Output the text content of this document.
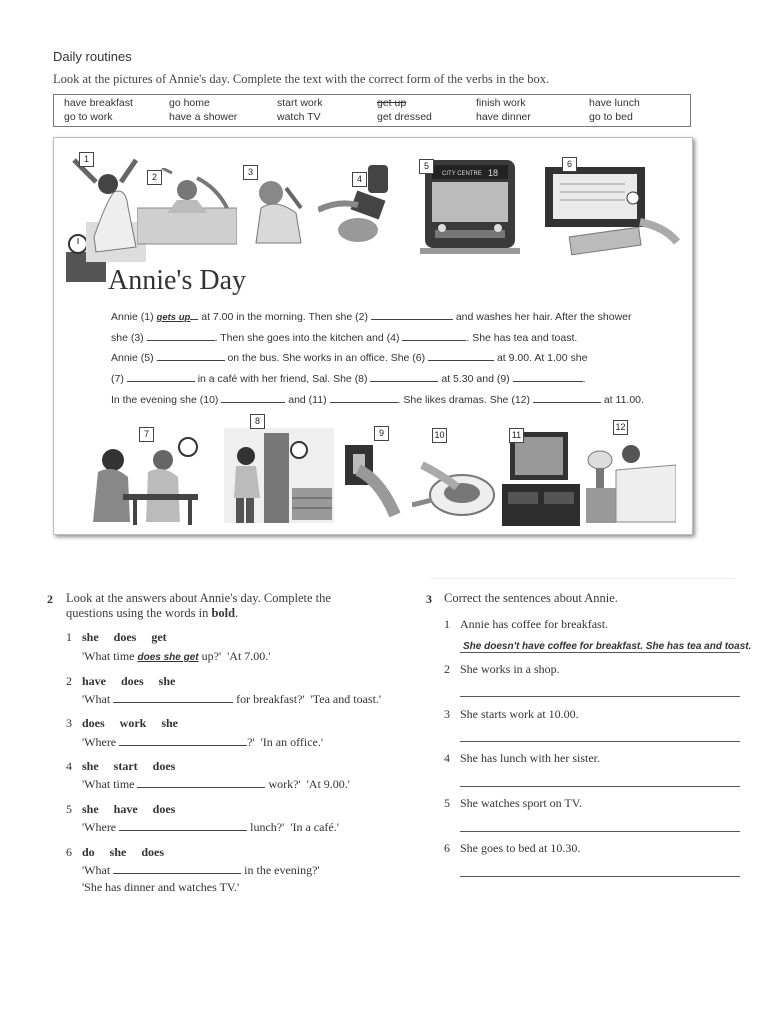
Daily routines
Look at the pictures of Annie's day. Complete the text with the correct form of the verbs in the box.
have breakfast	go home	start work	get up	finish work	have lunch
go to work	have a shower	watch TV	get dressed	have dinner	go to bed
1
2	3
4	CITY CENTRE 18
5	6
Annie's Day
Annie (1) gets up at 7.00 in the morning. Then she (2)	and washes her hair. After the shower
she (3)	. Then she goes into the kitchen and (4)	. She has tea and toast.
Annie (5)	on the bus. She works in an office. She (6)	at 9.00. At 1.00 she
(7)	in a café with her friend, Sal. She (8)	at 5.30 and (9)	.
In the evening she (10)	and (11)	. She likes dramas. She (12)	at 11.00.
7
8
9	10	11
12
2 Look at the answers about Annie's day. Complete the
questions using the words in bold.
1 she does get
'What time does she get up?' 'At 7.00.'
2 have does she
'What	for breakfast?' 'Tea and toast.'
3 does work she
'Where	?' 'In an office.'
4 she start does
'What time	work?' 'At 9.00.'
5 she have does
'Where	lunch?' 'In a café.'
6 do she does
'What	in the evening?'
'She has dinner and watches TV.'
3 Correct the sentences about Annie.
1 Annie has coffee for breakfast.
She doesn't have coffee for breakfast. She has tea and toast.
2 She works in a shop.
3 She starts work at 10.00.
4 She has lunch with her sister.
5 She watches sport on TV.
6 She goes to bed at 10.30.
